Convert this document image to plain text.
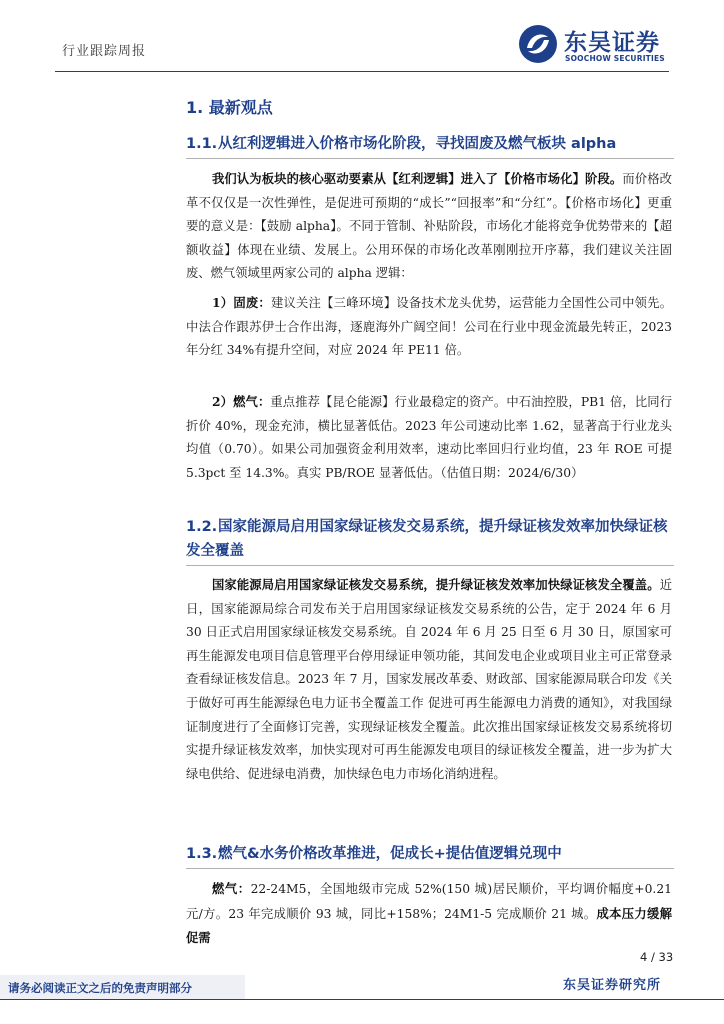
行业跟踪周报	东吴证券
SOOCHOW SECURITIES
1. 最新观点
1.1.从红利逻辑进入价格市场化阶段，寻找固废及燃气板块 alpha
我们认为板块的核心驱动要素从【红利逻辑】进入了【价格市场化】阶段。而价格改革不仅仅是一次性弹性，是促进可预期的“成长”“回报率”和“分红”。【价格市场化】更重要的意义是：【鼓励 alpha】。不同于管制、补贴阶段，市场化才能将竞争优势带来的【超额收益】体现在业绩、发展上。公用环保的市场化改革刚刚拉开序幕，我们建议关注固废、燃气领域里两家公司的 alpha 逻辑：
1）固废：建议关注【三峰环境】设备技术龙头优势，运营能力全国性公司中领先。中法合作跟苏伊士合作出海，逐鹿海外广阔空间！公司在行业中现金流最先转正，2023 年分红 34%有提升空间，对应 2024 年 PE11 倍。
2）燃气：重点推荐【昆仑能源】行业最稳定的资产。中石油控股，PB1 倍，比同行折价 40%，现金充沛，横比显著低估。2023 年公司速动比率 1.62，显著高于行业龙头均值（0.70）。如果公司加强资金利用效率，速动比率回归行业均值，23 年 ROE 可提 5.3pct 至 14.3%。真实 PB/ROE 显著低估。（估值日期：2024/6/30）
1.2.国家能源局启用国家绿证核发交易系统，提升绿证核发效率加快绿证核
发全覆盖
国家能源局启用国家绿证核发交易系统，提升绿证核发效率加快绿证核发全覆盖。近日，国家能源局综合司发布关于启用国家绿证核发交易系统的公告，定于 2024 年 6 月 30 日正式启用国家绿证核发交易系统。自 2024 年 6 月 25 日至 6 月 30 日，原国家可再生能源发电项目信息管理平台停用绿证申领功能，其间发电企业或项目业主可正常登录查看绿证核发信息。2023 年 7 月，国家发展改革委、财政部、国家能源局联合印发《关于做好可再生能源绿色电力证书全覆盖工作 促进可再生能源电力消费的通知》，对我国绿证制度进行了全面修订完善，实现绿证核发全覆盖。此次推出国家绿证核发交易系统将切实提升绿证核发效率，加快实现对可再生能源发电项目的绿证核发全覆盖，进一步为扩大绿电供给、促进绿电消费，加快绿色电力市场化消纳进程。
1.3.燃气&水务价格改革推进，促成长+提估值逻辑兑现中
燃气：22-24M5，全国地级市完成 52%(150 城)居民顺价，平均调价幅度+0.21 元/方。23 年完成顺价 93 城，同比+158%；24M1-5 完成顺价 21 城。成本压力缓解促需
4 / 33
请务必阅读正文之后的免责声明部分	东吴证券研究所
